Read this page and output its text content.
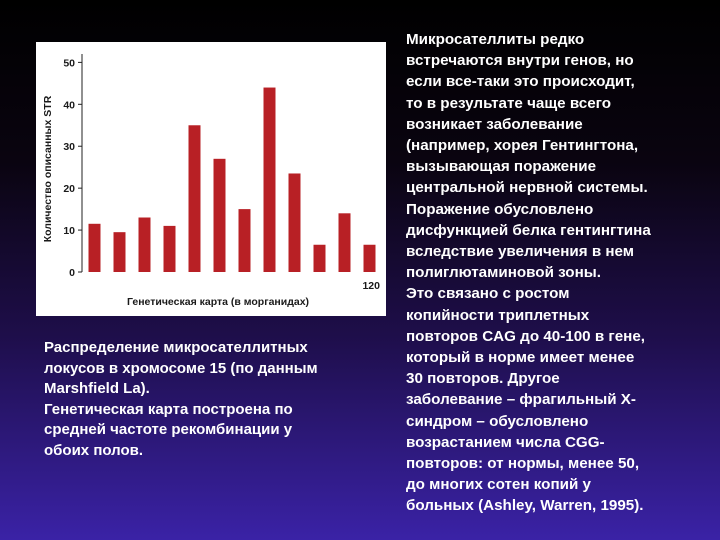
Количество описанных STR
0
10
20
30
40
50
120
Генетическая карта (в морганидах)
Распределение микросателлитных
локусов в хромосоме 15 (по данным
Marshfield La).
Генетическая карта построена по
средней частоте рекомбинации у
обоих полов.
Микросателлиты редко
встречаются внутри генов, но
если все-таки это происходит,
то в результате чаще всего
возникает заболевание
(например, хорея Гентингтона,
вызывающая поражение
центральной нервной системы.
Поражение обусловлено
дисфункцией белка гентингтина
вследствие увеличения в нем
полиглютаминовой зоны.
Это связано с ростом
копийности триплетных
повторов CAG до 40-100 в гене,
который в норме имеет менее
30 повторов. Другое
заболевание – фрагильный X-
синдром – обусловлено
возрастанием числа CGG-
повторов: от нормы, менее 50,
до многих сотен копий у
больных (Ashley, Warren, 1995).
